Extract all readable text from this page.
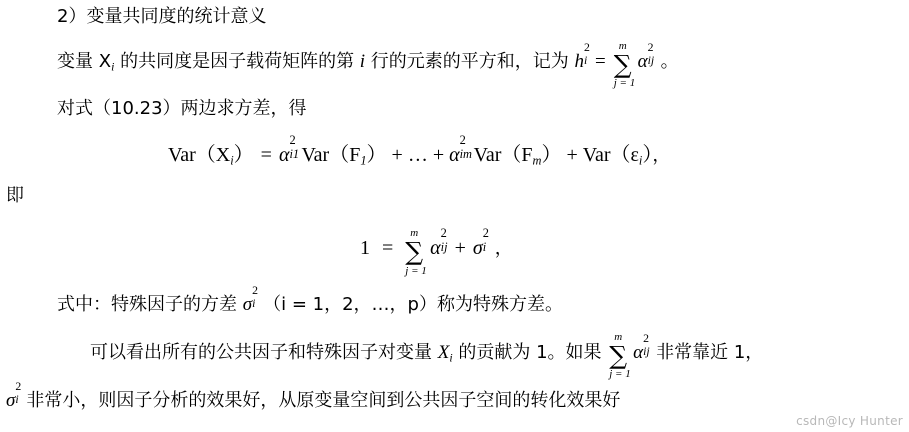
2）变量共同度的统计意义
变量 $X_i$ 的共同度是因子载荷矩阵的第 i 行的元素的平方和，记为 h
2
i =
m
∑
j = 1
α
2
ij 。
对式（10.23）两边求方差，得
$Var(X_i) = \alpha$
2
i1 $Var(F_1)$ + … + α
2
im $Var(F_m) + Var(\varepsilon_i)$，
即
1 =
m
∑
j = 1
α
2
ij + σ
2
i ，
式中：特殊因子的方差 σ
2
i （i = 1，2，…，p）称为特殊方差。
可以看出所有的公共因子和特殊因子对变量 $X_i$ 的贡献为 1。如果
m
∑
j = 1
α
2
ij 非常靠近 1，
σ
2
i 非常小，则因子分析的效果好，从原变量空间到公共因子空间的转化效果好
csdn@Icy Hunter
